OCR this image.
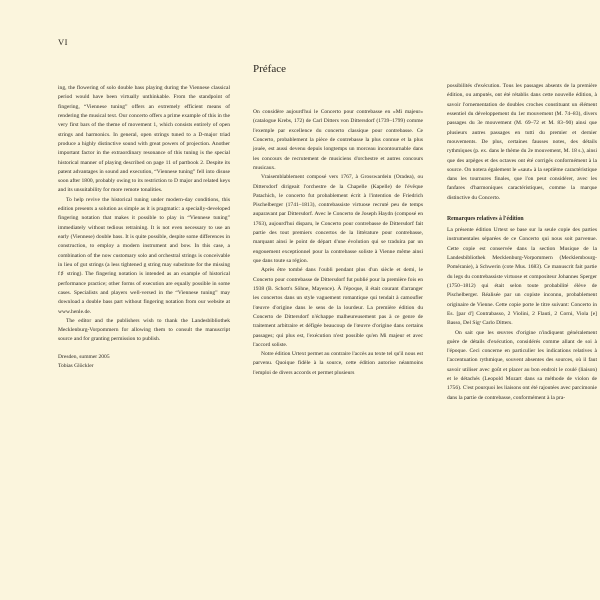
VI

ing, the flowering of solo double bass playing during the Viennese classical period would have been virtually unthinkable. From the standpoint of fingering, “Viennese tuning” offers an extremely efficient means of rendering the musical text. Our concerto offers a prime example of this in the very first bars of the theme of movement 1, which consists entirely of open strings and harmonics. In general, open strings tuned to a D-major triad produce a highly distinctive sound with great powers of projection. Another important factor in the extraordinary resonance of this tuning is the special historical manner of playing described on page 11 of partbook 2. Despite its patent advantages in sound and execution, “Viennese tuning” fell into disuse soon after 1800, probably owing to its restriction to D major and related keys and its unsuitability for more remote tonalities.

To help revive the historical tuning under modern-day conditions, this edition presents a solution as simple as it is pragmatic: a specially-developed fingering notation that makes it possible to play in “Viennese tuning” immediately without tedious retraining. It is not even necessary to use an early (Viennese) double bass. It is quite possible, despite some differences in construction, to employ a modern instrument and bow. In this case, a combination of the now customary solo and orchestral strings is conceivable in lieu of gut strings (a less tightened g string may substitute for the missing f♯ string). The fingering notation is intended as an example of historical performance practice; other forms of execution are equally possible in some cases. Specialists and players well-versed in the “Viennese tuning” may download a double bass part without fingering notation from our website at www.henle.de.

The editor and the publishers wish to thank the Landesbibliothek Mecklenburg-Vorpommern for allowing them to consult the manuscript source and for granting permission to publish.

Dresden, summer 2005
Tobias Glöckler
Préface

On considère aujourd'hui le Concerto pour contrebasse en «Mi majeur» (catalogue Krebs, 172) de Carl Ditters von Dittersdorf (1739–1799) comme l'exemple par excellence du concerto classique pour contrebasse. Ce Concerto, probablement la pièce de contrebasse la plus connue et la plus jouée, est aussi devenu depuis longtemps un morceau incontournable dans les concours de recrutement de musiciens d'orchestre et autres concours musicaux.

Vraisemblablement composé vers 1767, à Grosswardein (Oradea), ou Dittersdorf dirigeait l'orchestre de la Chapelle (Kapelle) de l'évêque Patachich, le concerto fut probablement écrit à l'intention de Friedrich Pischelberger (1741–1813), contrebassiste virtuose recruté peu de temps auparavant par Dittersdorf. Avec le Concerto de Joseph Haydn (composé en 1763), aujourd'hui disparu, le Concerto pour contrebasse de Dittersdorf fait partie des tout premiers concertos de la littérature pour contrebasse, marquant ainsi le point de départ d'une évolution qui se traduira par un engouement exceptionnel pour la contrebasse soliste à Vienne même ainsi que dans toute sa région.

Après être tombé dans l'oubli pendant plus d'un siècle et demi, le Concerto pour contrebasse de Dittersdorf fut publié pour la première fois en 1938 (B. Schott's Söhne, Mayence). À l'époque, il était courant d'arranger les concertos dans un style vaguement romantique qui tendait à camoufler l'œuvre d'origine dans le sens de la lourdeur. La première édition du Concerto de Dittersdorf n'échappe malheureusement pas à ce genre de traitement arbitraire et défigée beaucoup de l'œuvre d'origine dans certains passages; qui plus est, l'exécution n'est possible qu'en Mi majeur et avec l'accord soliste.

Notre édition Urtext permet au contraire l'accès au texte tel qu'il nous est parvenu. Quoique fidèle à la source, cette édition autorise néanmoins l'emploi de divers accords et permet plusieurs

possibilités d'exécution. Tous les passages absents de la première édition, ou amputés, ont été rétablis dans cette nouvelle édition, à savoir l'ornementation de doubles croches constituant un élément essentiel du développement du 1er mouvement (M. 74–83), divers passages du 3e mouvement (M. 69–72 et M. 83–90) ainsi que plusieurs autres passages en tutti du premier et dernier mouvements. De plus, certaines fausses notes, des détails rythmiques (p. ex. dans le thème du 2e mouvement, M. 18 s.), ainsi que des arpèges et des octaves ont été corrigés conformément à la source. On notera également le «saut» à la septième caractéristique dans les tournures finales, que l'on peut considérer, avec les fanfares d'harmoniques caractéristiques, comme la marque distinctive du Concerto.

Remarques relatives à l'édition

La présente édition Urtext se base sur la seule copie des parties instrumentales séparées de ce Concerto qui nous soit parvenue. Cette copie est conservée dans la section Musique de la Landesbibliothek Mecklenburg-Vorpommern (Mecklembourg-Poméranie), à Schwerin (cote Mus. 1683). Ce manuscrit fait partie du legs du contrebassiste virtuose et compositeur Johannes Sperger (1750–1812) qui était selon toute probabilité élève de Pischelberger. Réalisée par un copiste inconnu, probablement originaire de Vienne. Cette copie porte le titre suivant: Concerto in Es. [par d'] Contrabasso, 2 Violini, 2 Flauti, 2 Corni, Viola [e] Basso, Del Sigʳ Carlo Ditters.

On sait que les œuvres d'origine n'indiquent généralement guère de détails d'exécution, considérés comme allant de soi à l'époque. Ceci concerne en particulier les indications relatives à l'accentuation rythmique, souvent absentes des sources, où il faut savoir utiliser avec goût et placer au bon endroit le coulé (liaison) et le détachés (Leopold Mozart dans sa méthode de violon de 1756). C'est pourquoi les liaisons ont été rajoutées avec parcimonie dans la partie de contrebasse, conformément à la pra-
